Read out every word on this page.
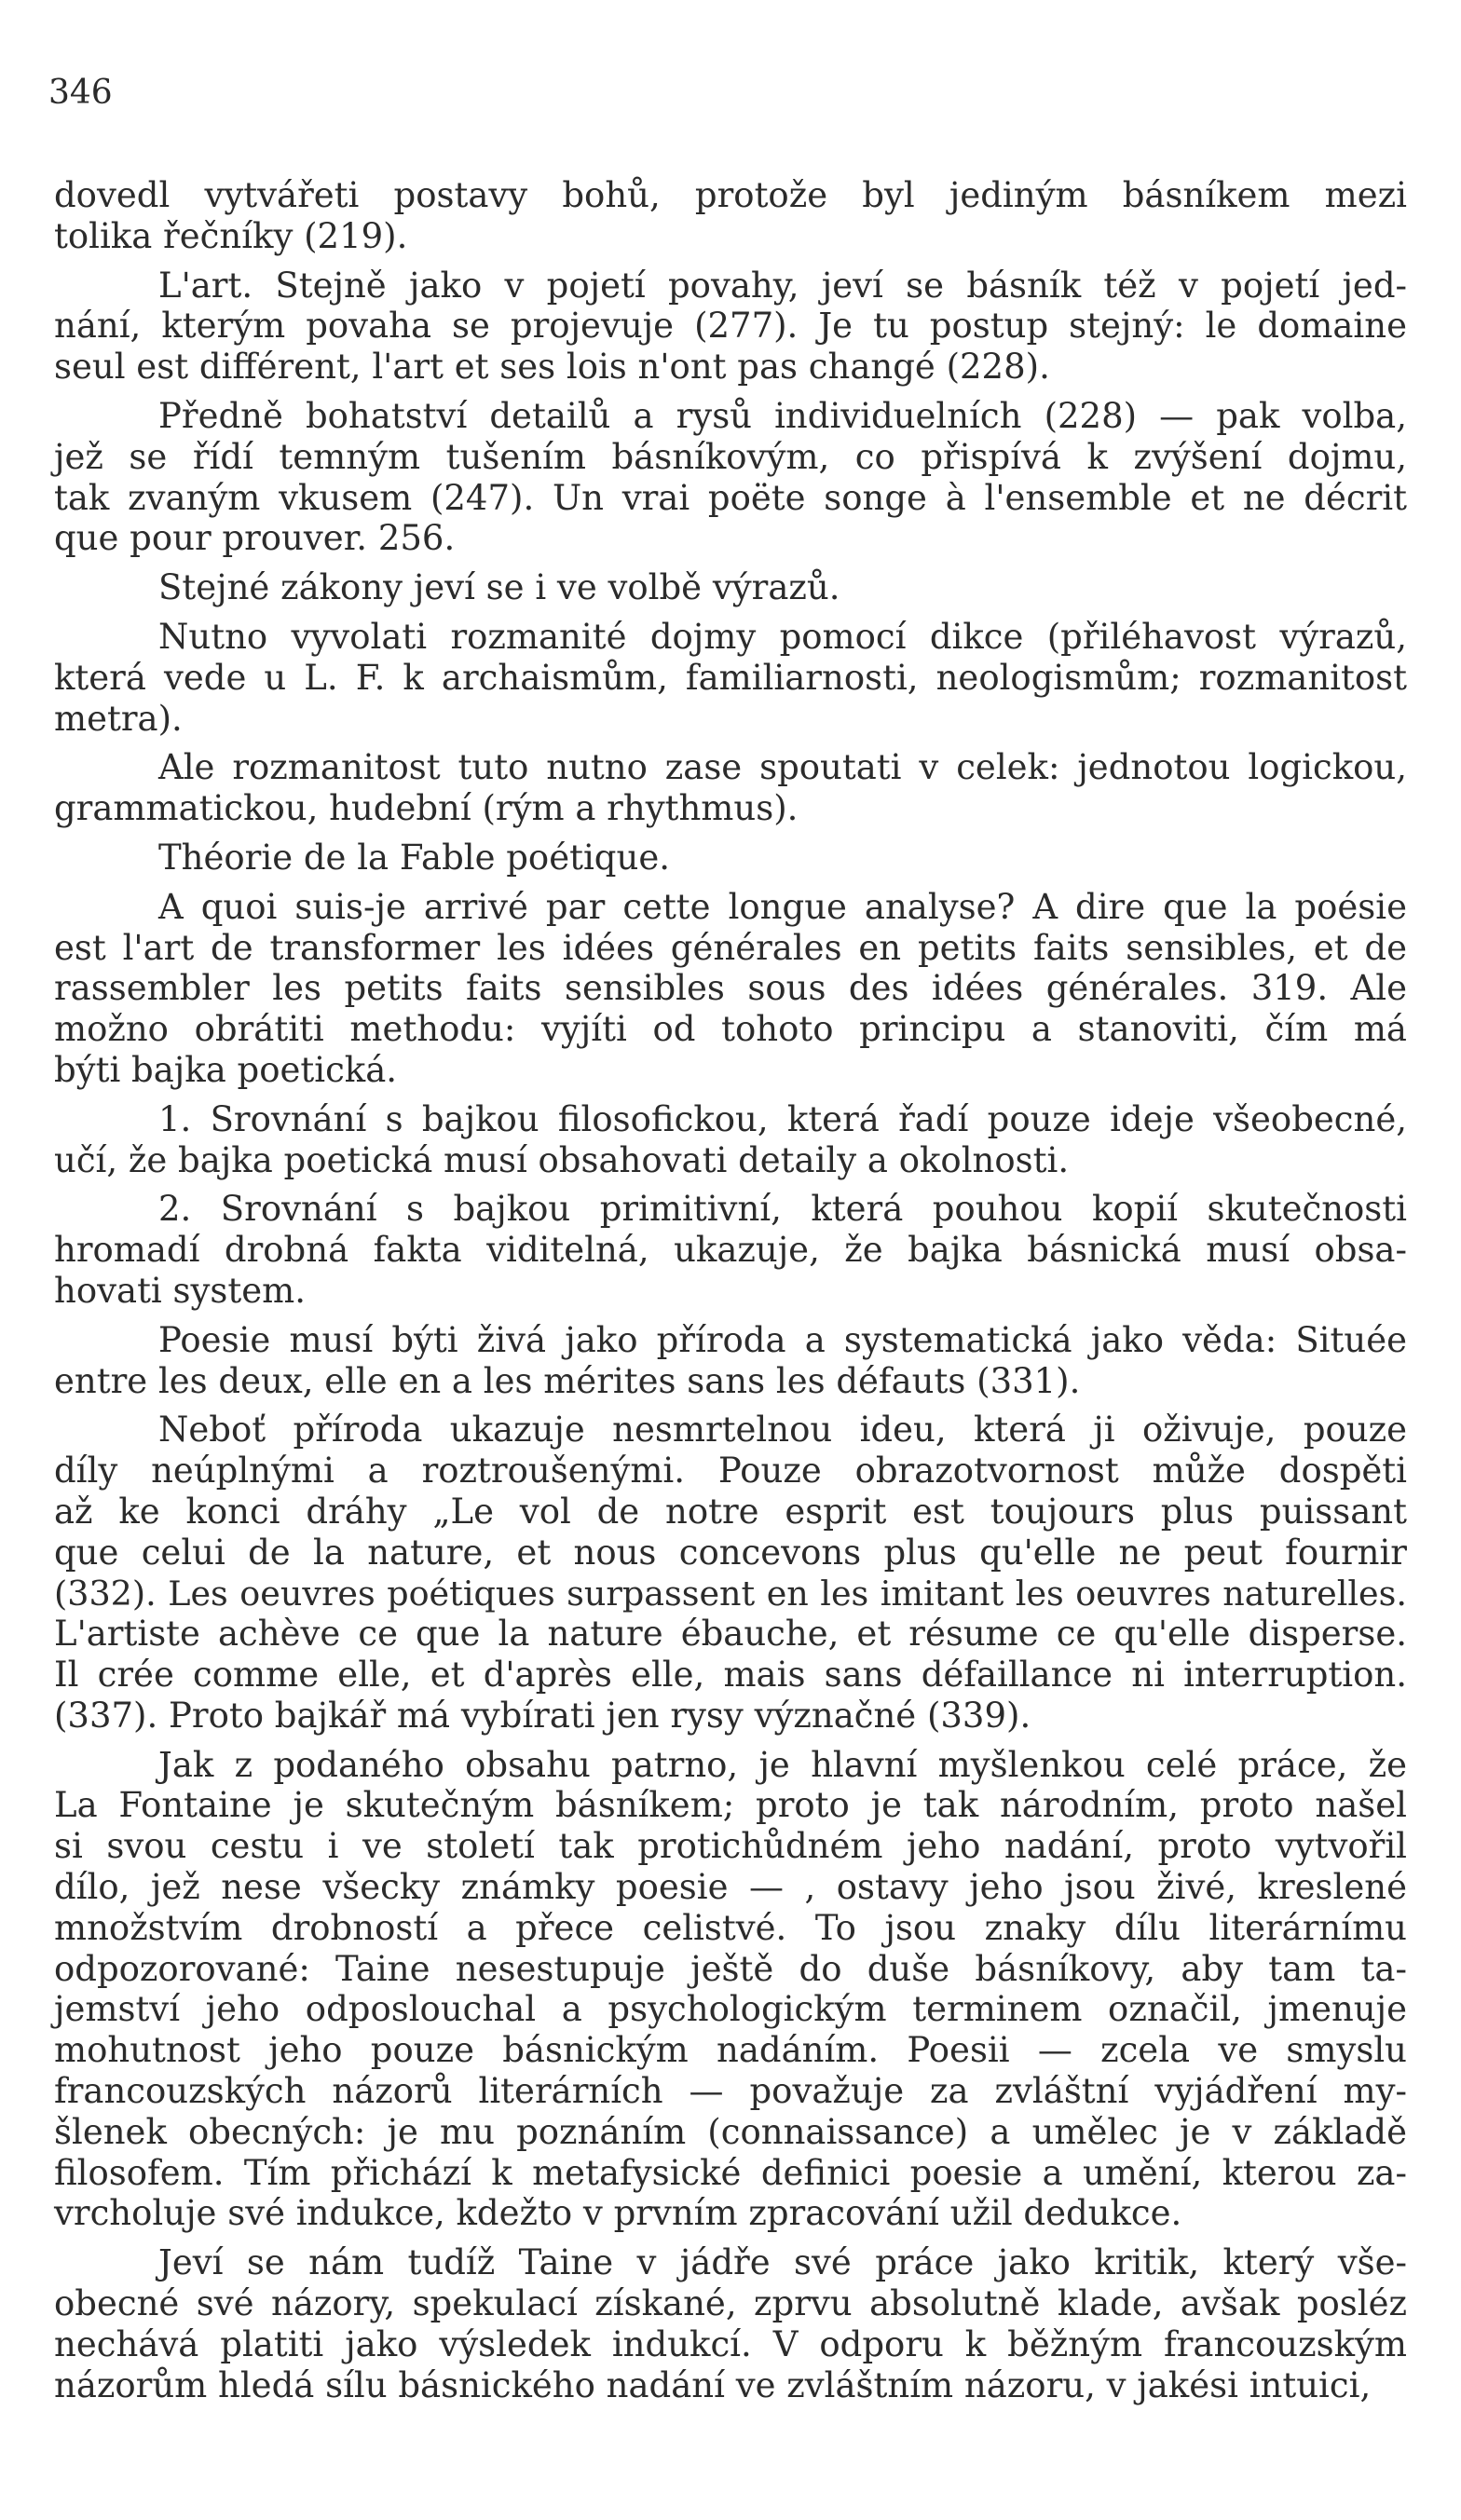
346
dovedl vytvářeti postavy bohů, protože byl jediným básníkem mezi
tolika řečníky (219).
L'art. Stejně jako v pojetí povahy, jeví se básník též v pojetí jed-
nání, kterým povaha se projevuje (277). Je tu postup stejný: le domaine
seul est différent, l'art et ses lois n'ont pas changé (228).
Předně bohatství detailů a rysů individuelních (228) — pak volba,
jež se řídí temným tušením básníkovým, co přispívá k zvýšení dojmu,
tak zvaným vkusem (247). Un vrai poëte songe à l'ensemble et ne décrit
que pour prouver. 256.
Stejné zákony jeví se i ve volbě výrazů.
Nutno vyvolati rozmanité dojmy pomocí dikce (přiléhavost výrazů,
která vede u L. F. k archaismům, familiarnosti, neologismům; rozmanitost
metra).
Ale rozmanitost tuto nutno zase spoutati v celek: jednotou logickou,
grammatickou, hudební (rým a rhythmus).
Théorie de la Fable poétique.
A quoi suis-je arrivé par cette longue analyse? A dire que la poésie
est l'art de transformer les idées générales en petits faits sensibles, et de
rassembler les petits faits sensibles sous des idées générales. 319. Ale
možno obrátiti methodu: vyjíti od tohoto principu a stanoviti, čím má
býti bajka poetická.
1. Srovnání s bajkou filosofickou, která řadí pouze ideje všeobecné,
učí, že bajka poetická musí obsahovati detaily a okolnosti.
2. Srovnání s bajkou primitivní, která pouhou kopií skutečnosti
hromadí drobná fakta viditelná, ukazuje, že bajka básnická musí obsa-
hovati system.
Poesie musí býti živá jako příroda a systematická jako věda: Située
entre les deux, elle en a les mérites sans les défauts (331).
Neboť příroda ukazuje nesmrtelnou ideu, která ji oživuje, pouze
díly neúplnými a roztroušenými. Pouze obrazotvornost může dospěti
až ke konci dráhy „Le vol de notre esprit est toujours plus puissant
que celui de la nature, et nous concevons plus qu'elle ne peut fournir
(332). Les oeuvres poétiques surpassent en les imitant les oeuvres naturelles.
L'artiste achève ce que la nature ébauche, et résume ce qu'elle disperse.
Il crée comme elle, et d'après elle, mais sans défaillance ni interruption.
(337). Proto bajkář má vybírati jen rysy význačné (339).
Jak z podaného obsahu patrno, je hlavní myšlenkou celé práce, že
La Fontaine je skutečným básníkem; proto je tak národním, proto našel
si svou cestu i ve století tak protichůdném jeho nadání, proto vytvořil
dílo, jež nese všecky známky poesie — , ostavy jeho jsou živé, kreslené
množstvím drobností a přece celistvé. To jsou znaky dílu literárnímu
odpozorované: Taine nesestupuje ještě do duše básníkovy, aby tam ta-
jemství jeho odposlouchal a psychologickým terminem označil, jmenuje
mohutnost jeho pouze básnickým nadáním. Poesii — zcela ve smyslu
francouzských názorů literárních — považuje za zvláštní vyjádření my-
šlenek obecných: je mu poznáním (connaissance) a umělec je v základě
filosofem. Tím přichází k metafysické definici poesie a umění, kterou za-
vrcholuje své indukce, kdežto v prvním zpracování užil dedukce.
Jeví se nám tudíž Taine v jádře své práce jako kritik, který vše-
obecné své názory, spekulací získané, zprvu absolutně klade, avšak posléz
nechává platiti jako výsledek indukcí. V odporu k běžným francouzským
názorům hledá sílu básnického nadání ve zvláštním názoru, v jakési intuici,
